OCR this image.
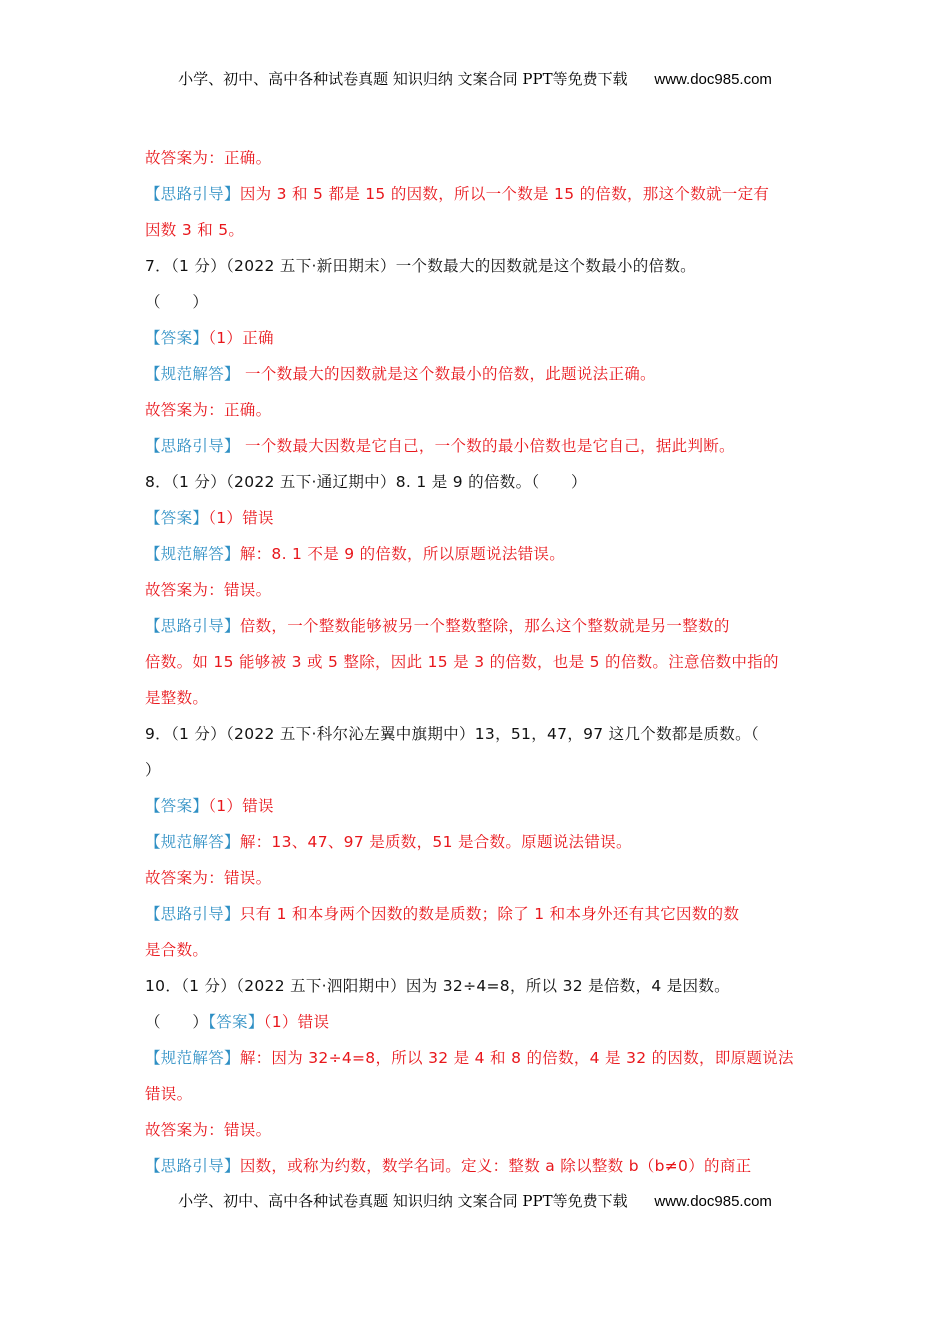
小学、初中、高中各种试卷真题 知识归纳 文案合同 PPT等免费下载 www.doc985.com
故答案为：正确。
【思路引导】因为 3 和 5 都是 15 的因数，所以一个数是 15 的倍数，那这个数就一定有
因数 3 和 5。
7．（1 分）（2022 五下·新田期末）一个数最大的因数就是这个数最小的倍数。
（　　）
【答案】（1）正确
【规范解答】 一个数最大的因数就是这个数最小的倍数，此题说法正确。
故答案为：正确。
【思路引导】 一个数最大因数是它自己，一个数的最小倍数也是它自己，据此判断。
8．（1 分）（2022 五下·通辽期中）8. 1 是 9 的倍数。（　　）
【答案】（1）错误
【规范解答】解：8. 1 不是 9 的倍数，所以原题说法错误。
故答案为：错误。
【思路引导】倍数，一个整数能够被另一个整数整除，那么这个整数就是另一整数的
倍数。如 15 能够被 3 或 5 整除，因此 15 是 3 的倍数，也是 5 的倍数。注意倍数中指的
是整数。
9．（1 分）（2022 五下·科尔沁左翼中旗期中）13，51，47，97 这几个数都是质数。（
）
【答案】（1）错误
【规范解答】解：13、47、97 是质数，51 是合数。原题说法错误。
故答案为：错误。
【思路引导】只有 1 和本身两个因数的数是质数；除了 1 和本身外还有其它因数的数
是合数。
10．（1 分）（2022 五下·泗阳期中）因为 32÷4=8，所以 32 是倍数，4 是因数。
（　　）【答案】（1）错误
【规范解答】解：因为 32÷4=8，所以 32 是 4 和 8 的倍数，4 是 32 的因数，即原题说法
错误。
故答案为：错误。
【思路引导】因数，或称为约数，数学名词。定义：整数 a 除以整数 b（b≠0）的商正
小学、初中、高中各种试卷真题 知识归纳 文案合同 PPT等免费下载 www.doc985.com
